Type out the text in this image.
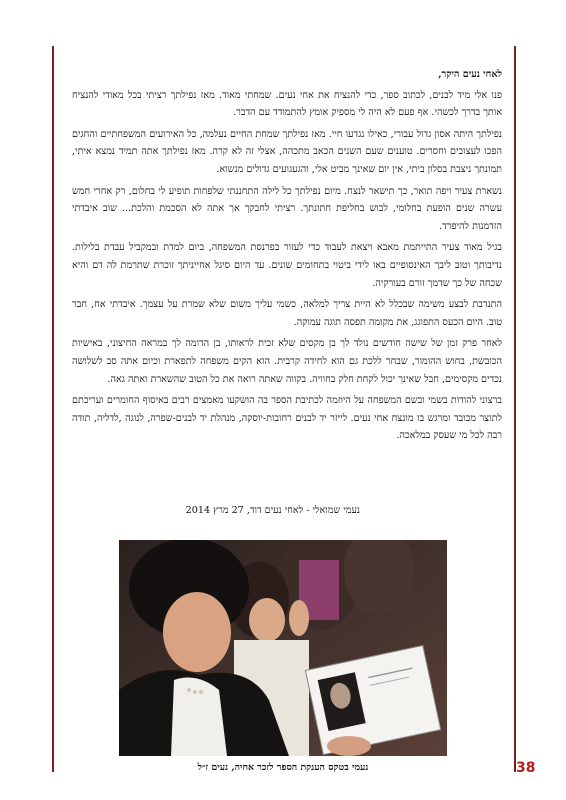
לאחי נעים היקר,

פנו אלי מיד לבנים, לכתוב ספר, כדי להנציח את אחי נעים. שמחתי מאוד. מאז נפילתך רציתי בכל מאודי להנציח אותך בדרך לכשהי. אף פעם לא היה לי מספיק אומץ להתמודד עם הדבר.

נפילתך היתה אסון גדול עבורי, כאילו נגדעו חיי. מאז נפילתך שמחת החיים נעלמה, כל האירועים המשפחתיים והחגים הפכו לעצובים וחסרים. טוענים שעם השנים הכאב מתכהה, אצלי זה לא קרה. מאז נפילתך אתה תמיד נמצא איתי, תמונתך ניצבת בסלון ביתי, אין יום שאינך מביט אלי, והגעגועים גדולים מנשוא.

נשארת צעיר ויפה תואר, כך תישאר לנצח. מיום נפילתך כל לילה התחננתי שלפחות תופיע לי בחלום, רק אחרי חמש עשרה שנים הופעת בחלומי, לבוש בחליפת חתונתך. רציתי לחבקך אך אתה לא הסכמת והלכת... שוב איבדתי הזדמנות להיפרד.

בגיל מאוד צעיר התייתמת מאבא ויצאת לעבוד כדי לעזור בפרנסת המשפחה, ביום למדת ובמקביל עבדת בלילות. נדיבותך וטוב ליבך האינסופיים באו לידי ביטוי בתחומים שונים. עד היום סיגל אחייניתך זוכרת שתרמת לה דם והיא שכחה של כך שדמך זורם בעורקיה.

התנדבת לבצע משימה שבכלל לא היית צריך למלאה, כשמי עליך משום שלא שמרת על עצמך. איבדתי אח, חבר טוב. היום הכעס התפוגג, את מקומה תפסה תוגה עמוקה.

לאחר פרק זמן של שישה חודשים נולד לך בן מקסים שלא זכית לראותו, בן הדומה לך במראה החיצוני, באישיות הכובשת, בחוש ההומור, שבחר ללכת גם הוא לחידה קרבית. הוא הקים משפחה לתפארת וכיום אתה סב לשלושה נכדים מקסימים, חבל שאינך יכול לקחת חלק בחוויה. בקווה שאתה רואה את כל הטוב שהשארת ואתה גאה.

ברצוני להודות בשמי ובשם המשפחה על היוזמה לכתיבת הספר בה הושקעו מאמצים רבים באיסוף החומרים ועריכתם לתוצר מכובד ומרגש בו מונצח אחי נעים. לייזר יד לבנים רחובות-יוסקה, מנהלת יד לבנים-שפרה, לנוגה ,לדליה, תודה רבה לכל מי שעסק במלאכה.

נעמי שמואלי - לאחי נעים דוד, 27 מרץ 2014
נעמי בטקס הענקת הספר לזכר אחיה, נעים ז״ל	38
